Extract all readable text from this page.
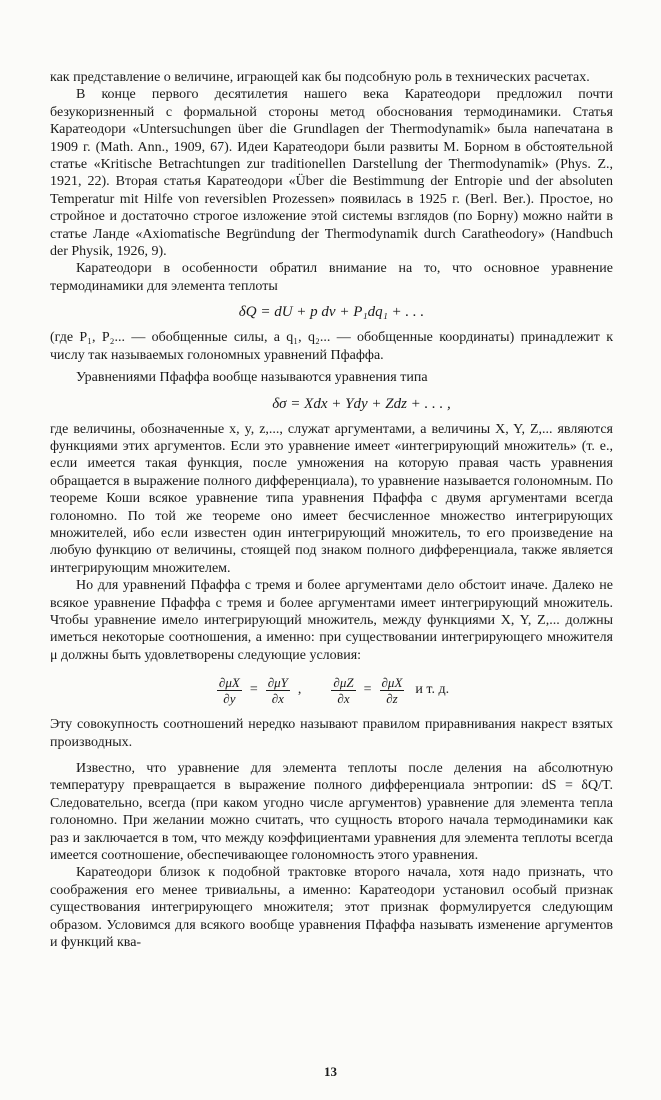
как представление о величине, играющей как бы подсобную роль в технических расчетах.

В конце первого десятилетия нашего века Каратеодори предложил почти безукоризненный с формальной стороны метод обоснования термодинамики. Статья Каратеодори «Untersuchungen über die Grundlagen der Thermodynamik» была напечатана в 1909 г. (Math. Ann., 1909, 67). Идеи Каратеодори были развиты М. Борном в обстоятельной статье «Kritische Betrachtungen zur traditionellen Darstellung der Thermodynamik» (Phys. Z., 1921, 22). Вторая статья Каратеодори «Über die Bestimmung der Entropie und der absoluten Temperatur mit Hilfe von reversiblen Prozessen» появилась в 1925 г. (Berl. Ber.). Простое, но стройное и достаточно строгое изложение этой системы взглядов (по Борну) можно найти в статье Ланде «Axiomatische Begründung der Thermodynamik durch Caratheodory» (Handbuch der Physik, 1926, 9).

Каратеодори в особенности обратил внимание на то, что основное уравнение термодинамики для элемента теплоты

δQ = dU + p dv + P₁dq₁ + . . .

(где P₁, P₂... — обобщенные силы, а q₁, q₂... — обобщенные координаты) принадлежит к числу так называемых голономных уравнений Пфаффа.

Уравнениями Пфаффа вообще называются уравнения типа

δσ = Xdx + Ydy + Zdz + . . . ,

где величины, обозначенные x, y, z,..., служат аргументами, а величины X, Y, Z,... являются функциями этих аргументов. Если это уравнение имеет «интегрирующий множитель» (т. е., если имеется такая функция, после умножения на которую правая часть уравнения обращается в выражение полного дифференциала), то уравнение называется голономным. По теореме Коши всякое уравнение типа уравнения Пфаффа с двумя аргументами всегда голономно. По той же теореме оно имеет бесчисленное множество интегрирующих множителей, ибо если известен один интегрирующий множитель, то его произведение на любую функцию от величины, стоящей под знаком полного дифференциала, также является интегрирующим множителем.

Но для уравнений Пфаффа с тремя и более аргументами дело обстоит иначе. Далеко не всякое уравнение Пфаффа с тремя и более аргументами имеет интегрирующий множитель. Чтобы уравнение имело интегрирующий множитель, между функциями X, Y, Z,... должны иметься некоторые соотношения, а именно: при существовании интегрирующего множителя μ должны быть удовлетворены следующие условия:

$\frac{\partial\mu X}{\partial y} = \frac{\partial\mu Y}{\partial x}$ , $\frac{\partial\mu Z}{\partial x} = \frac{\partial\mu X}{\partial z}$ и т. д.

Эту совокупность соотношений нередко называют правилом приравнивания накрест взятых производных.

Известно, что уравнение для элемента теплоты после деления на абсолютную температуру превращается в выражение полного дифференциала энтропии: dS = δQ/T. Следовательно, всегда (при каком угодно числе аргументов) уравнение для элемента тепла голономно. При желании можно считать, что сущность второго начала термодинамики как раз и заключается в том, что между коэффициентами уравнения для элемента теплоты всегда имеется соотношение, обеспечивающее голономность этого уравнения.

Каратеодори близок к подобной трактовке второго начала, хотя надо признать, что соображения его менее тривиальны, а именно: Каратеодори установил особый признак существования интегрирующего множителя; этот признак формулируется следующим образом. Условимся для всякого вообще уравнения Пфаффа называть изменение аргументов и функций ква-

13
